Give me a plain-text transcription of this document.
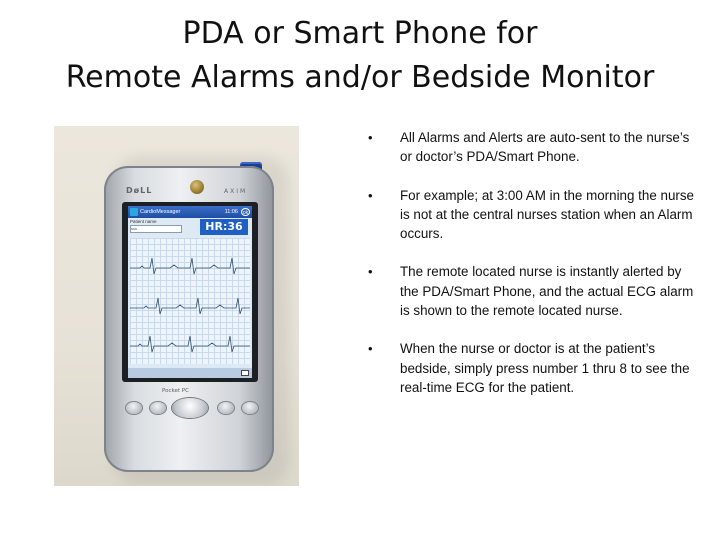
PDA or Smart Phone for
Remote Alarms and/or Bedside Monitor
DøLL	AXIM
CardioMessager	11:06 ok
Patient name
sss	HR:36
Pocket PC
• All Alarms and Alerts are auto-sent to the nurse’s or doctor’s PDA/Smart Phone.
• For example; at 3:00 AM in the morning the nurse is not at the central nurses station when an Alarm occurs.
• The remote located nurse is instantly alerted by the PDA/Smart Phone, and the actual ECG alarm is shown to the remote located nurse.
• When the nurse or doctor is at the patient’s bedside, simply press number 1 thru 8 to see the real-time ECG for the patient.
